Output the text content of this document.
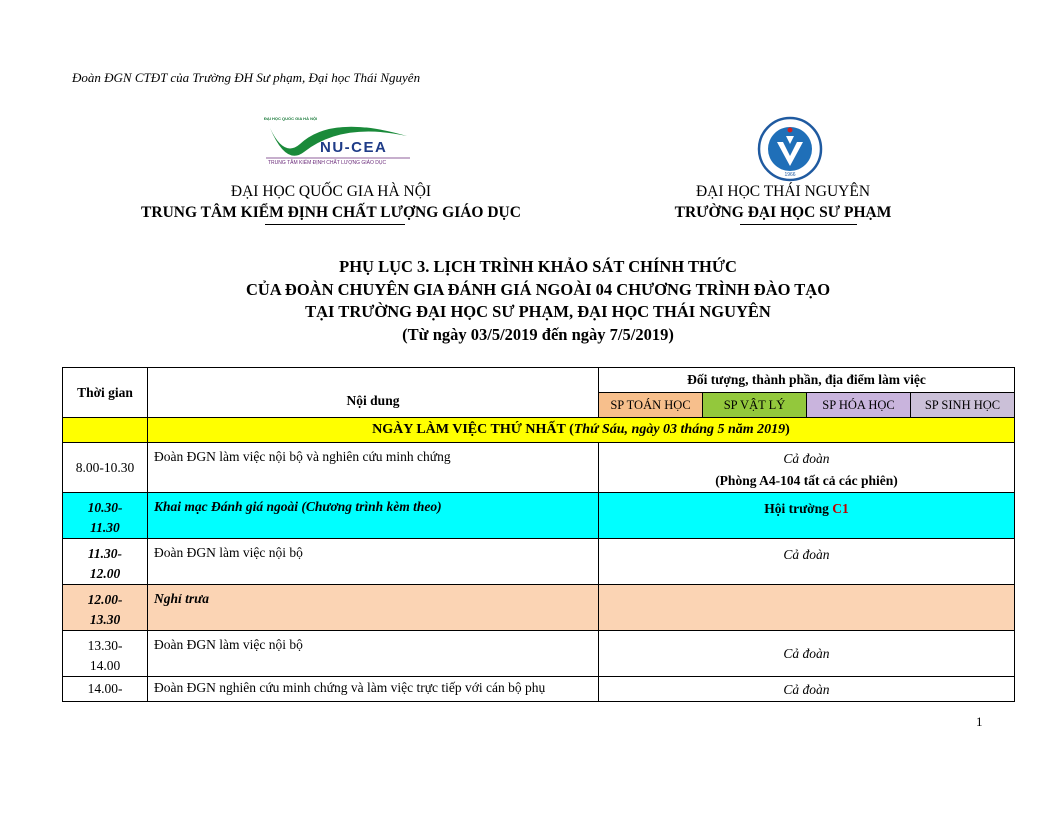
Đoàn ĐGN CTĐT của Trường ĐH Sư phạm, Đại học Thái Nguyên
ĐẠI HỌC QUỐC GIA HÀ NỘI
NU-CEA
TRUNG TÂM KIỂM ĐỊNH CHẤT LƯỢNG GIÁO DỤC
1966
ĐẠI HỌC QUỐC GIA HÀ NỘI
TRUNG TÂM KIỂM ĐỊNH CHẤT LƯỢNG GIÁO DỤC
ĐẠI HỌC THÁI NGUYÊN
TRƯỜNG ĐẠI HỌC SƯ PHẠM
PHỤ LỤC 3. LỊCH TRÌNH KHẢO SÁT CHÍNH THỨC
CỦA ĐOÀN CHUYÊN GIA ĐÁNH GIÁ NGOÀI 04 CHƯƠNG TRÌNH ĐÀO TẠO
TẠI TRƯỜNG ĐẠI HỌC SƯ PHẠM, ĐẠI HỌC THÁI NGUYÊN
(Từ ngày 03/5/2019 đến ngày 7/5/2019)
Thời gian	Nội dung	Đối tượng, thành phần, địa điểm làm việc			
		SP TOÁN HỌC	SP VẬT LÝ	SP HÓA HỌC	SP SINH HỌC
	NGÀY LÀM VIỆC THỨ NHẤT (Thứ Sáu, ngày 03 tháng 5 năm 2019)				
8.00-10.30	Đoàn ĐGN làm việc nội bộ và nghiên cứu minh chứng	Cả đoàn
(Phòng A4-104 tất cả các phiên)			

10.30-
11.30	Khai mạc Đánh giá ngoài (Chương trình kèm theo)	Hội trường C1			

11.30-
12.00	Đoàn ĐGN làm việc nội bộ	Cả đoàn			

12.00-
13.30	Nghỉ trưa				

13.30-
14.00	Đoàn ĐGN làm việc nội bộ	Cả đoàn			
14.00-	Đoàn ĐGN nghiên cứu minh chứng và làm việc trực tiếp với cán bộ phụ	Cả đoàn			
1
